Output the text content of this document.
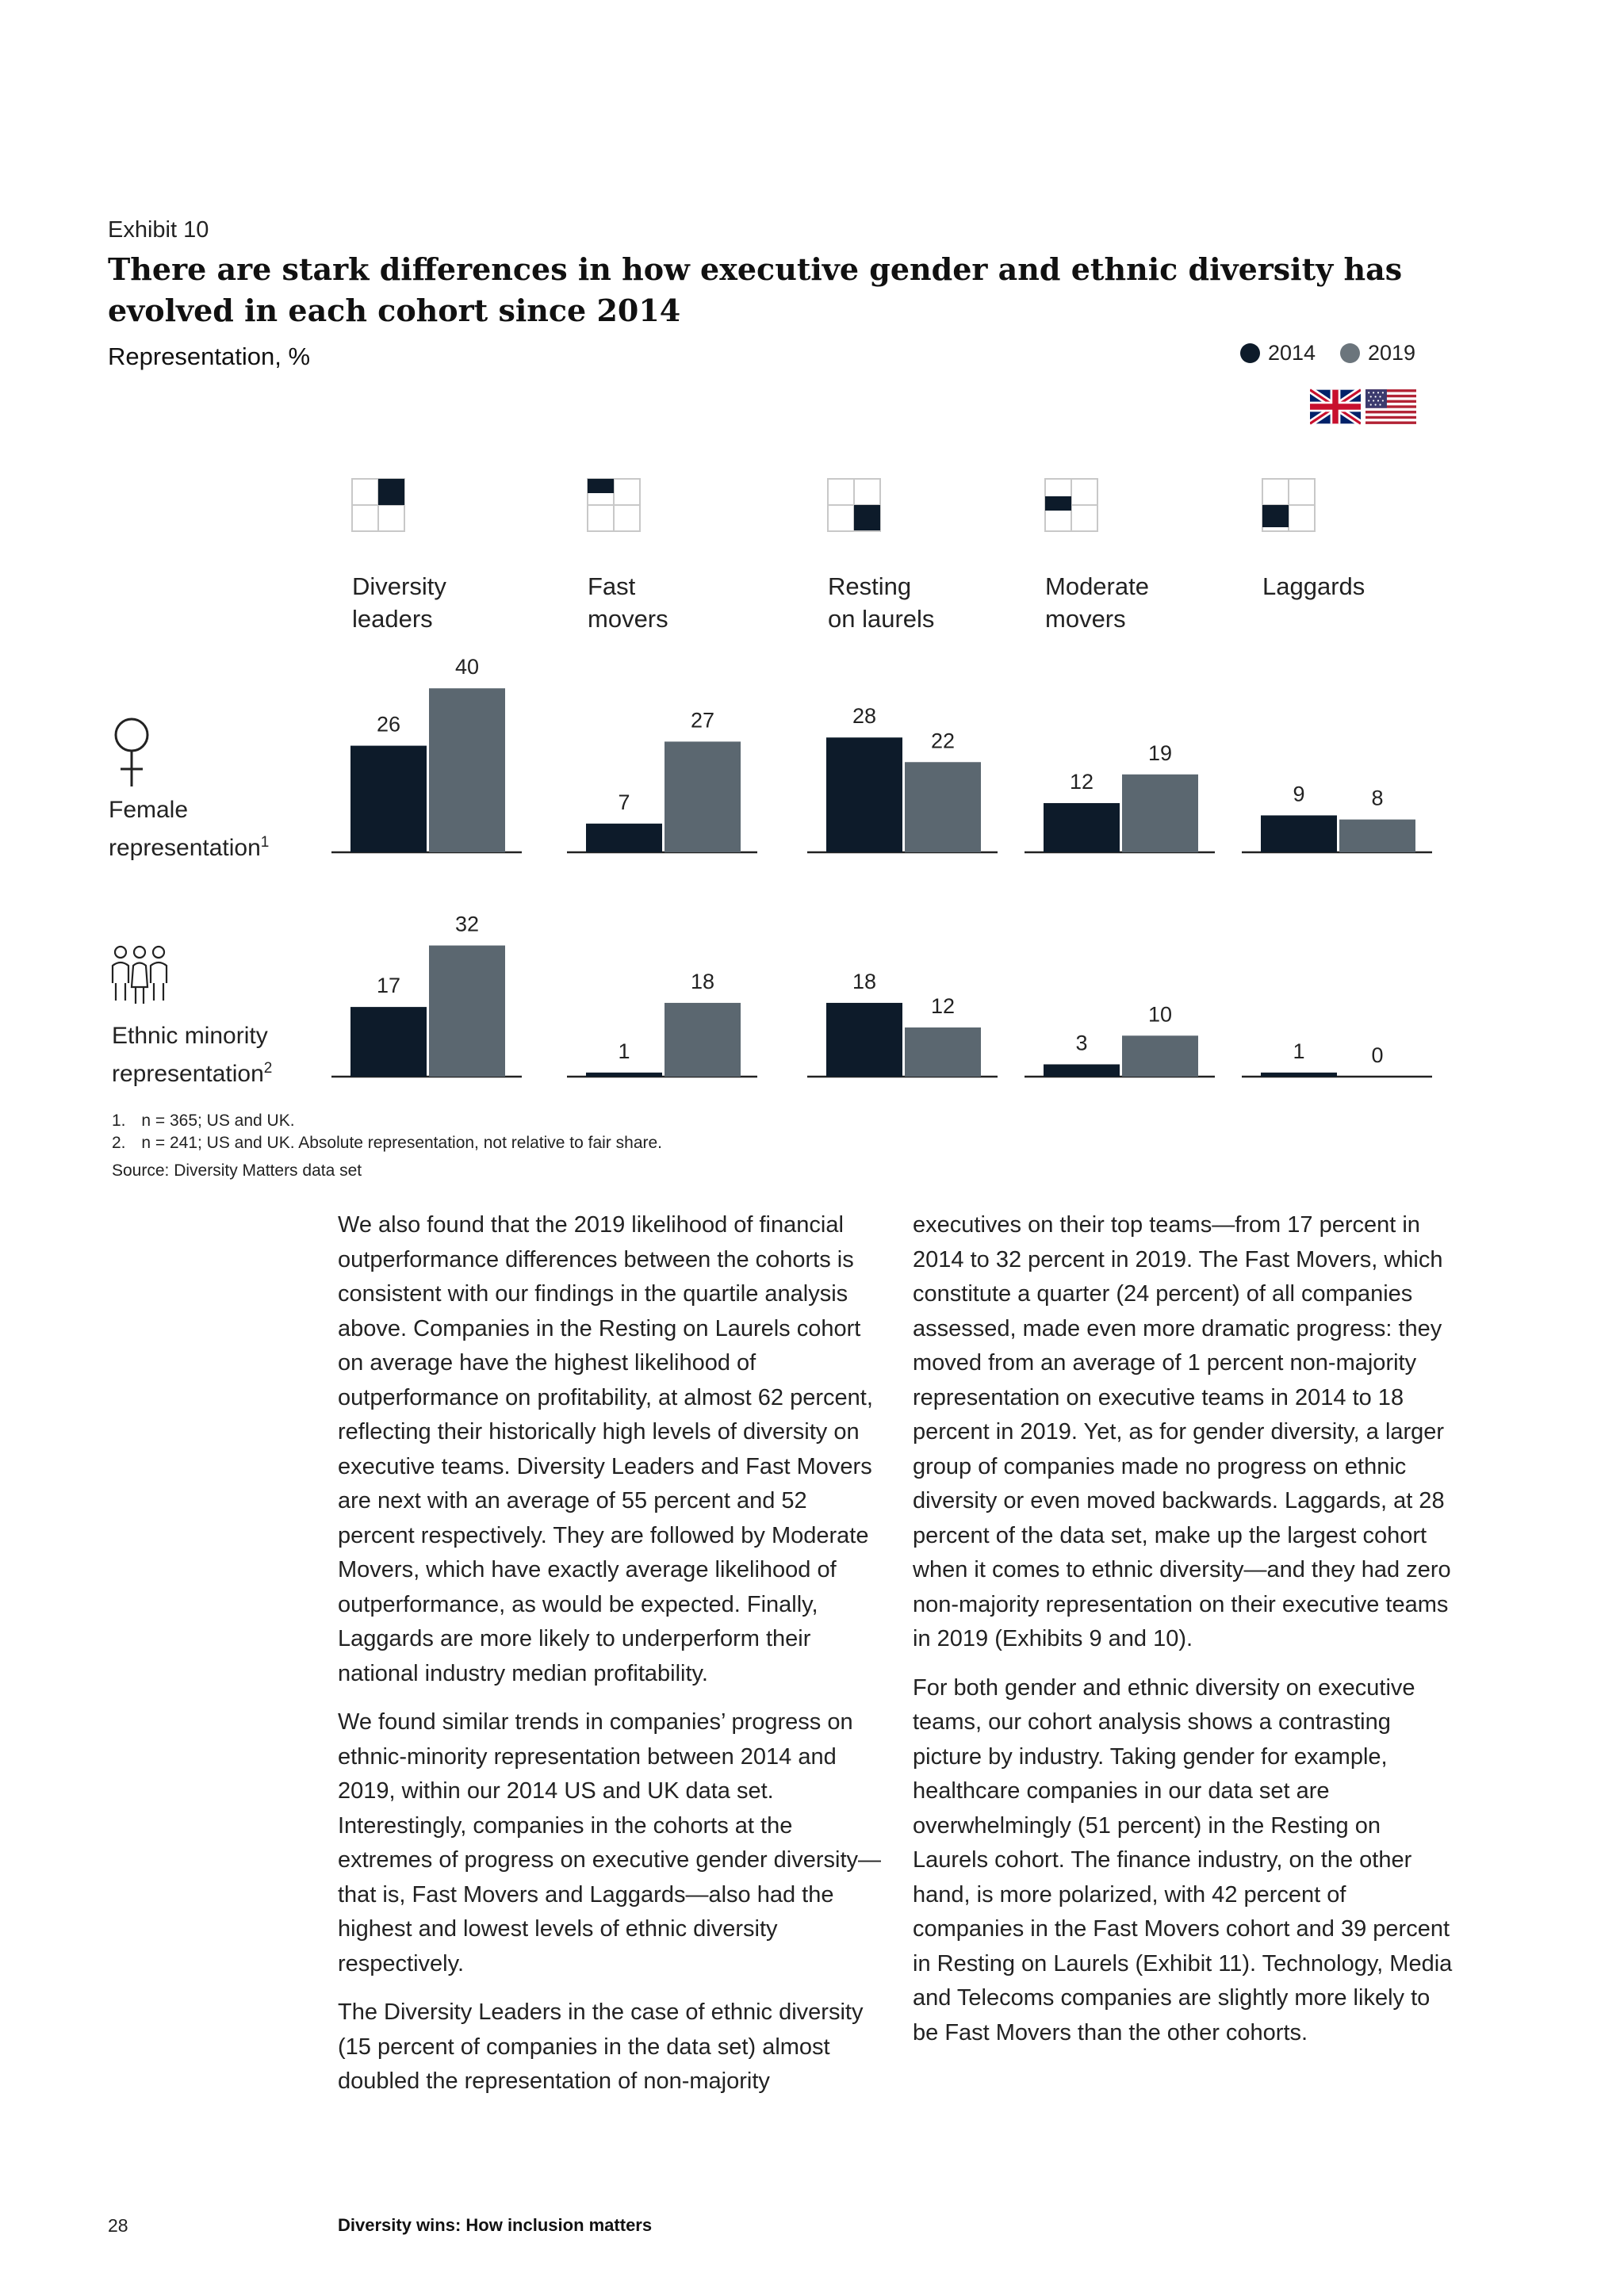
Exhibit 10
There are stark differences in how executive gender and ethnic diversity has evolved in each cohort since 2014
Representation, %	2014 2019
Female
representation$^1$
Ethnic minority
representation$^2$
Diversity
leaders
Fast
movers
Resting
on laurels
Moderate
movers
Laggards
26
40
7
27	28
22
12
19
9	8
17
32
1
18	18
12
3
10
1	0
1. n = 365; US and UK.
2. n = 241; US and UK. Absolute representation, not relative to fair share.
Source: Diversity Matters data set

We also found that the 2019 likelihood of financial outperformance differences between the cohorts is consistent with our findings in the quartile analysis above. Companies in the Resting on Laurels cohort on average have the highest likelihood of outperformance on profitability, at almost 62 percent, reflecting their historically high levels of diversity on executive teams. Diversity Leaders and Fast Movers are next with an average of 55 percent and 52 percent respectively. They are followed by Moderate Movers, which have exactly average likelihood of outperformance, as would be expected. Finally, Laggards are more likely to underperform their national industry median profitability.

We found similar trends in companies’ progress on ethnic-minority representation between 2014 and 2019, within our 2014 US and UK data set. Interestingly, companies in the cohorts at the extremes of progress on executive gender diversity—that is, Fast Movers and Laggards—also had the highest and lowest levels of ethnic diversity respectively.

The Diversity Leaders in the case of ethnic diversity (15 percent of companies in the data set) almost doubled the representation of non-majority

executives on their top teams—from 17 percent in 2014 to 32 percent in 2019. The Fast Movers, which constitute a quarter (24 percent) of all companies assessed, made even more dramatic progress: they moved from an average of 1 percent non-majority representation on executive teams in 2014 to 18 percent in 2019. Yet, as for gender diversity, a larger group of companies made no progress on ethnic diversity or even moved backwards. Laggards, at 28 percent of the data set, make up the largest cohort when it comes to ethnic diversity—and they had zero non-majority representation on their executive teams in 2019 (Exhibits 9 and 10).

For both gender and ethnic diversity on executive teams, our cohort analysis shows a contrasting picture by industry. Taking gender for example, healthcare companies in our data set are overwhelmingly (51 percent) in the Resting on Laurels cohort. The finance industry, on the other hand, is more polarized, with 42 percent of companies in the Fast Movers cohort and 39 percent in Resting on Laurels (Exhibit 11). Technology, Media and Telecoms companies are slightly more likely to be Fast Movers than the other cohorts.

28	Diversity wins: How inclusion matters
